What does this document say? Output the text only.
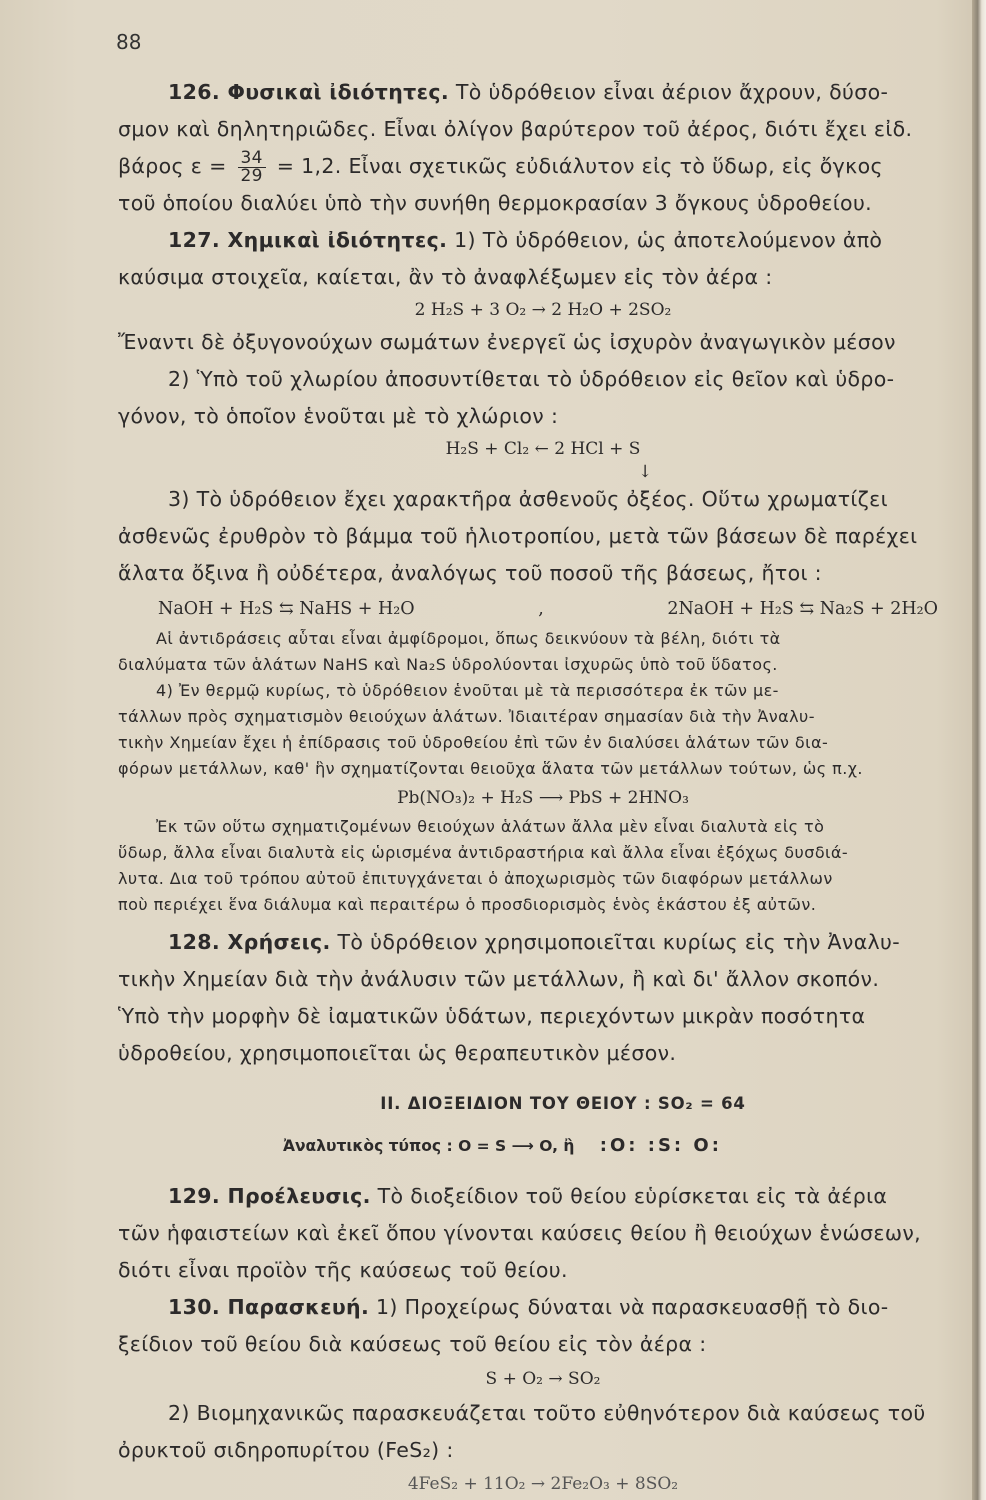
88
126. Φυσικαὶ ἰδιότητες. Τὸ ὑδρόθειον εἶναι ἀέριον ἄχρουν, δύσο-
σμον καὶ δηλητηριῶδες. Εἶναι ὀλίγον βαρύτερον τοῦ ἀέρος, διότι ἔχει εἰδ.
βάρος $\varepsilon = \frac{34}{29} = 1,2$. Εἶναι σχετικῶς εὐδιάλυτον εἰς τὸ ὕδωρ, εἰς ὄγκος
τοῦ ὁποίου διαλύει ὑπὸ τὴν συνήθη θερμοκρασίαν 3 ὄγκους ὑδροθείου.
127. Χημικαὶ ἰδιότητες. 1) Τὸ ὑδρόθειον, ὡς ἀποτελούμενον ἀπὸ
καύσιμα στοιχεῖα, καίεται, ἂν τὸ ἀναφλέξωμεν εἰς τὸν ἀέρα :
2 H₂S + 3 O₂ → 2 H₂O + 2SO₂
Ἔναντι δὲ ὀξυγονούχων σωμάτων ἐνεργεῖ ὡς ἰσχυρὸν ἀναγωγικὸν μέσον
2) Ὑπὸ τοῦ χλωρίου ἀποσυντίθεται τὸ ὑδρόθειον εἰς θεῖον καὶ ὑδρο-
γόνον, τὸ ὁποῖον ἑνοῦται μὲ τὸ χλώριον :
H₂S + Cl₂ ← 2 HCl + S
↓
3) Τὸ ὑδρόθειον ἔχει χαρακτῆρα ἀσθενοῦς ὀξέος. Οὕτω χρωματίζει
ἀσθενῶς ἐρυθρὸν τὸ βάμμα τοῦ ἡλιοτροπίου, μετὰ τῶν βάσεων δὲ παρέχει
ἅλατα ὄξινα ἢ οὐδέτερα, ἀναλόγως τοῦ ποσοῦ τῆς βάσεως, ἤτοι :
NaOH + H₂S ⇆ NaHS + H₂O	,	2NaOH + H₂S ⇆ Na₂S + 2H₂O
Αἱ ἀντιδράσεις αὗται εἶναι ἀμφίδρομοι, ὅπως δεικνύουν τὰ βέλη, διότι τὰ
διαλύματα τῶν ἁλάτων NaHS καὶ Na₂S ὑδρολύονται ἰσχυρῶς ὑπὸ τοῦ ὕδατος.
4) Ἐν θερμῷ κυρίως, τὸ ὑδρόθειον ἑνοῦται μὲ τὰ περισσότερα ἐκ τῶν με-
τάλλων πρὸς σχηματισμὸν θειούχων ἁλάτων. Ἰδιαιτέραν σημασίαν διὰ τὴν Ἀναλυ-
τικὴν Χημείαν ἔχει ἡ ἐπίδρασις τοῦ ὑδροθείου ἐπὶ τῶν ἐν διαλύσει ἁλάτων τῶν δια-
φόρων μετάλλων, καθ' ἣν σχηματίζονται θειοῦχα ἅλατα τῶν μετάλλων τούτων, ὡς π.χ.
Pb(NO₃)₂ + H₂S ⟶ PbS + 2HNO₃
Ἐκ τῶν οὕτω σχηματιζομένων θειούχων ἁλάτων ἄλλα μὲν εἶναι διαλυτὰ εἰς τὸ
ὕδωρ, ἄλλα εἶναι διαλυτὰ εἰς ὡρισμένα ἀντιδραστήρια καὶ ἄλλα εἶναι ἐξόχως δυσδιά-
λυτα. Δια τοῦ τρόπου αὐτοῦ ἐπιτυγχάνεται ὁ ἀποχωρισμὸς τῶν διαφόρων μετάλλων
ποὺ περιέχει ἕνα διάλυμα καὶ περαιτέρω ὁ προσδιορισμὸς ἑνὸς ἑκάστου ἐξ αὐτῶν.
128. Χρήσεις. Τὸ ὑδρόθειον χρησιμοποιεῖται κυρίως εἰς τὴν Ἀναλυ-
τικὴν Χημείαν διὰ τὴν ἀνάλυσιν τῶν μετάλλων, ἢ καὶ δι' ἄλλον σκοπόν.
Ὑπὸ τὴν μορφὴν δὲ ἰαματικῶν ὑδάτων, περιεχόντων μικρὰν ποσότητα
ὑδροθείου, χρησιμοποιεῖται ὡς θεραπευτικὸν μέσον.
II. ΔΙΟΞΕΙΔΙΟΝ ΤΟΥ ΘΕΙΟΥ : SO₂ = 64
Ἀναλυτικὸς τύπος : O = S ⟶ O, ἢ :O: :S: O:
129. Προέλευσις. Τὸ διοξείδιον τοῦ θείου εὑρίσκεται εἰς τὰ ἀέρια
τῶν ἡφαιστείων καὶ ἐκεῖ ὅπου γίνονται καύσεις θείου ἢ θειούχων ἑνώσεων,
διότι εἶναι προϊὸν τῆς καύσεως τοῦ θείου.
130. Παρασκευή. 1) Προχείρως δύναται νὰ παρασκευασθῇ τὸ διο-
ξείδιον τοῦ θείου διὰ καύσεως τοῦ θείου εἰς τὸν ἀέρα :
S + O₂ → SO₂
2) Βιομηχανικῶς παρασκευάζεται τοῦτο εὐθηνότερον διὰ καύσεως τοῦ
ὀρυκτοῦ σιδηροπυρίτου (FeS₂) :
4FeS₂ + 11O₂ → 2Fe₂O₃ + 8SO₂
